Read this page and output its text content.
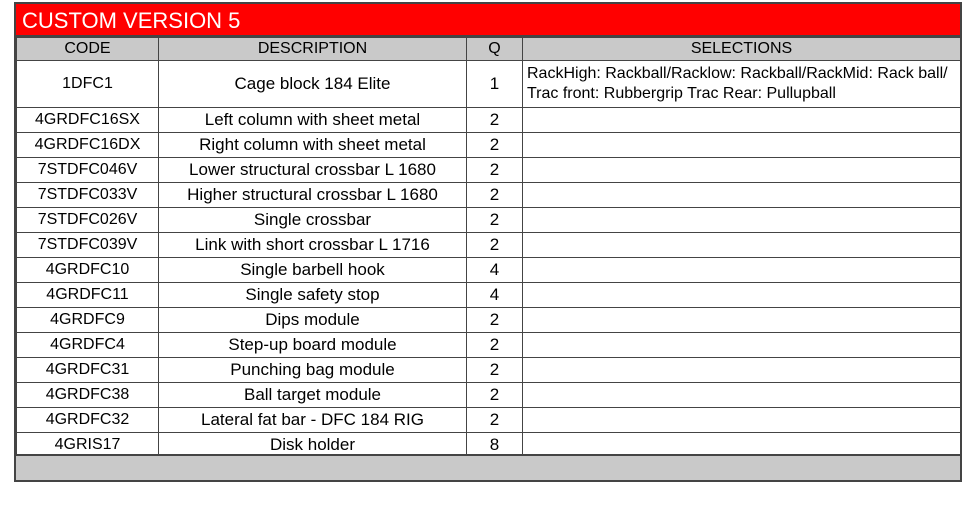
CUSTOM VERSION 5
CODE	DESCRIPTION	Q	SELECTIONS
1DFC1	Cage block 184 Elite	1	RackHigh: Rackball/Racklow: Rackball/RackMid: Rack ball/ Trac front: Rubbergrip Trac Rear: Pullupball
4GRDFC16SX	Left column with sheet metal	2	
4GRDFC16DX	Right column with sheet metal	2	
7STDFC046V	Lower structural crossbar L 1680	2	
7STDFC033V	Higher structural crossbar L 1680	2	
7STDFC026V	Single crossbar	2	
7STDFC039V	Link with short crossbar L 1716	2	
4GRDFC10	Single barbell hook	4	
4GRDFC11	Single safety stop	4	
4GRDFC9	Dips module	2	
4GRDFC4	Step-up board module	2	
4GRDFC31	Punching bag module	2	
4GRDFC38	Ball target module	2	
4GRDFC32	Lateral fat bar - DFC 184 RIG	2	
4GRIS17	Disk holder	8	
